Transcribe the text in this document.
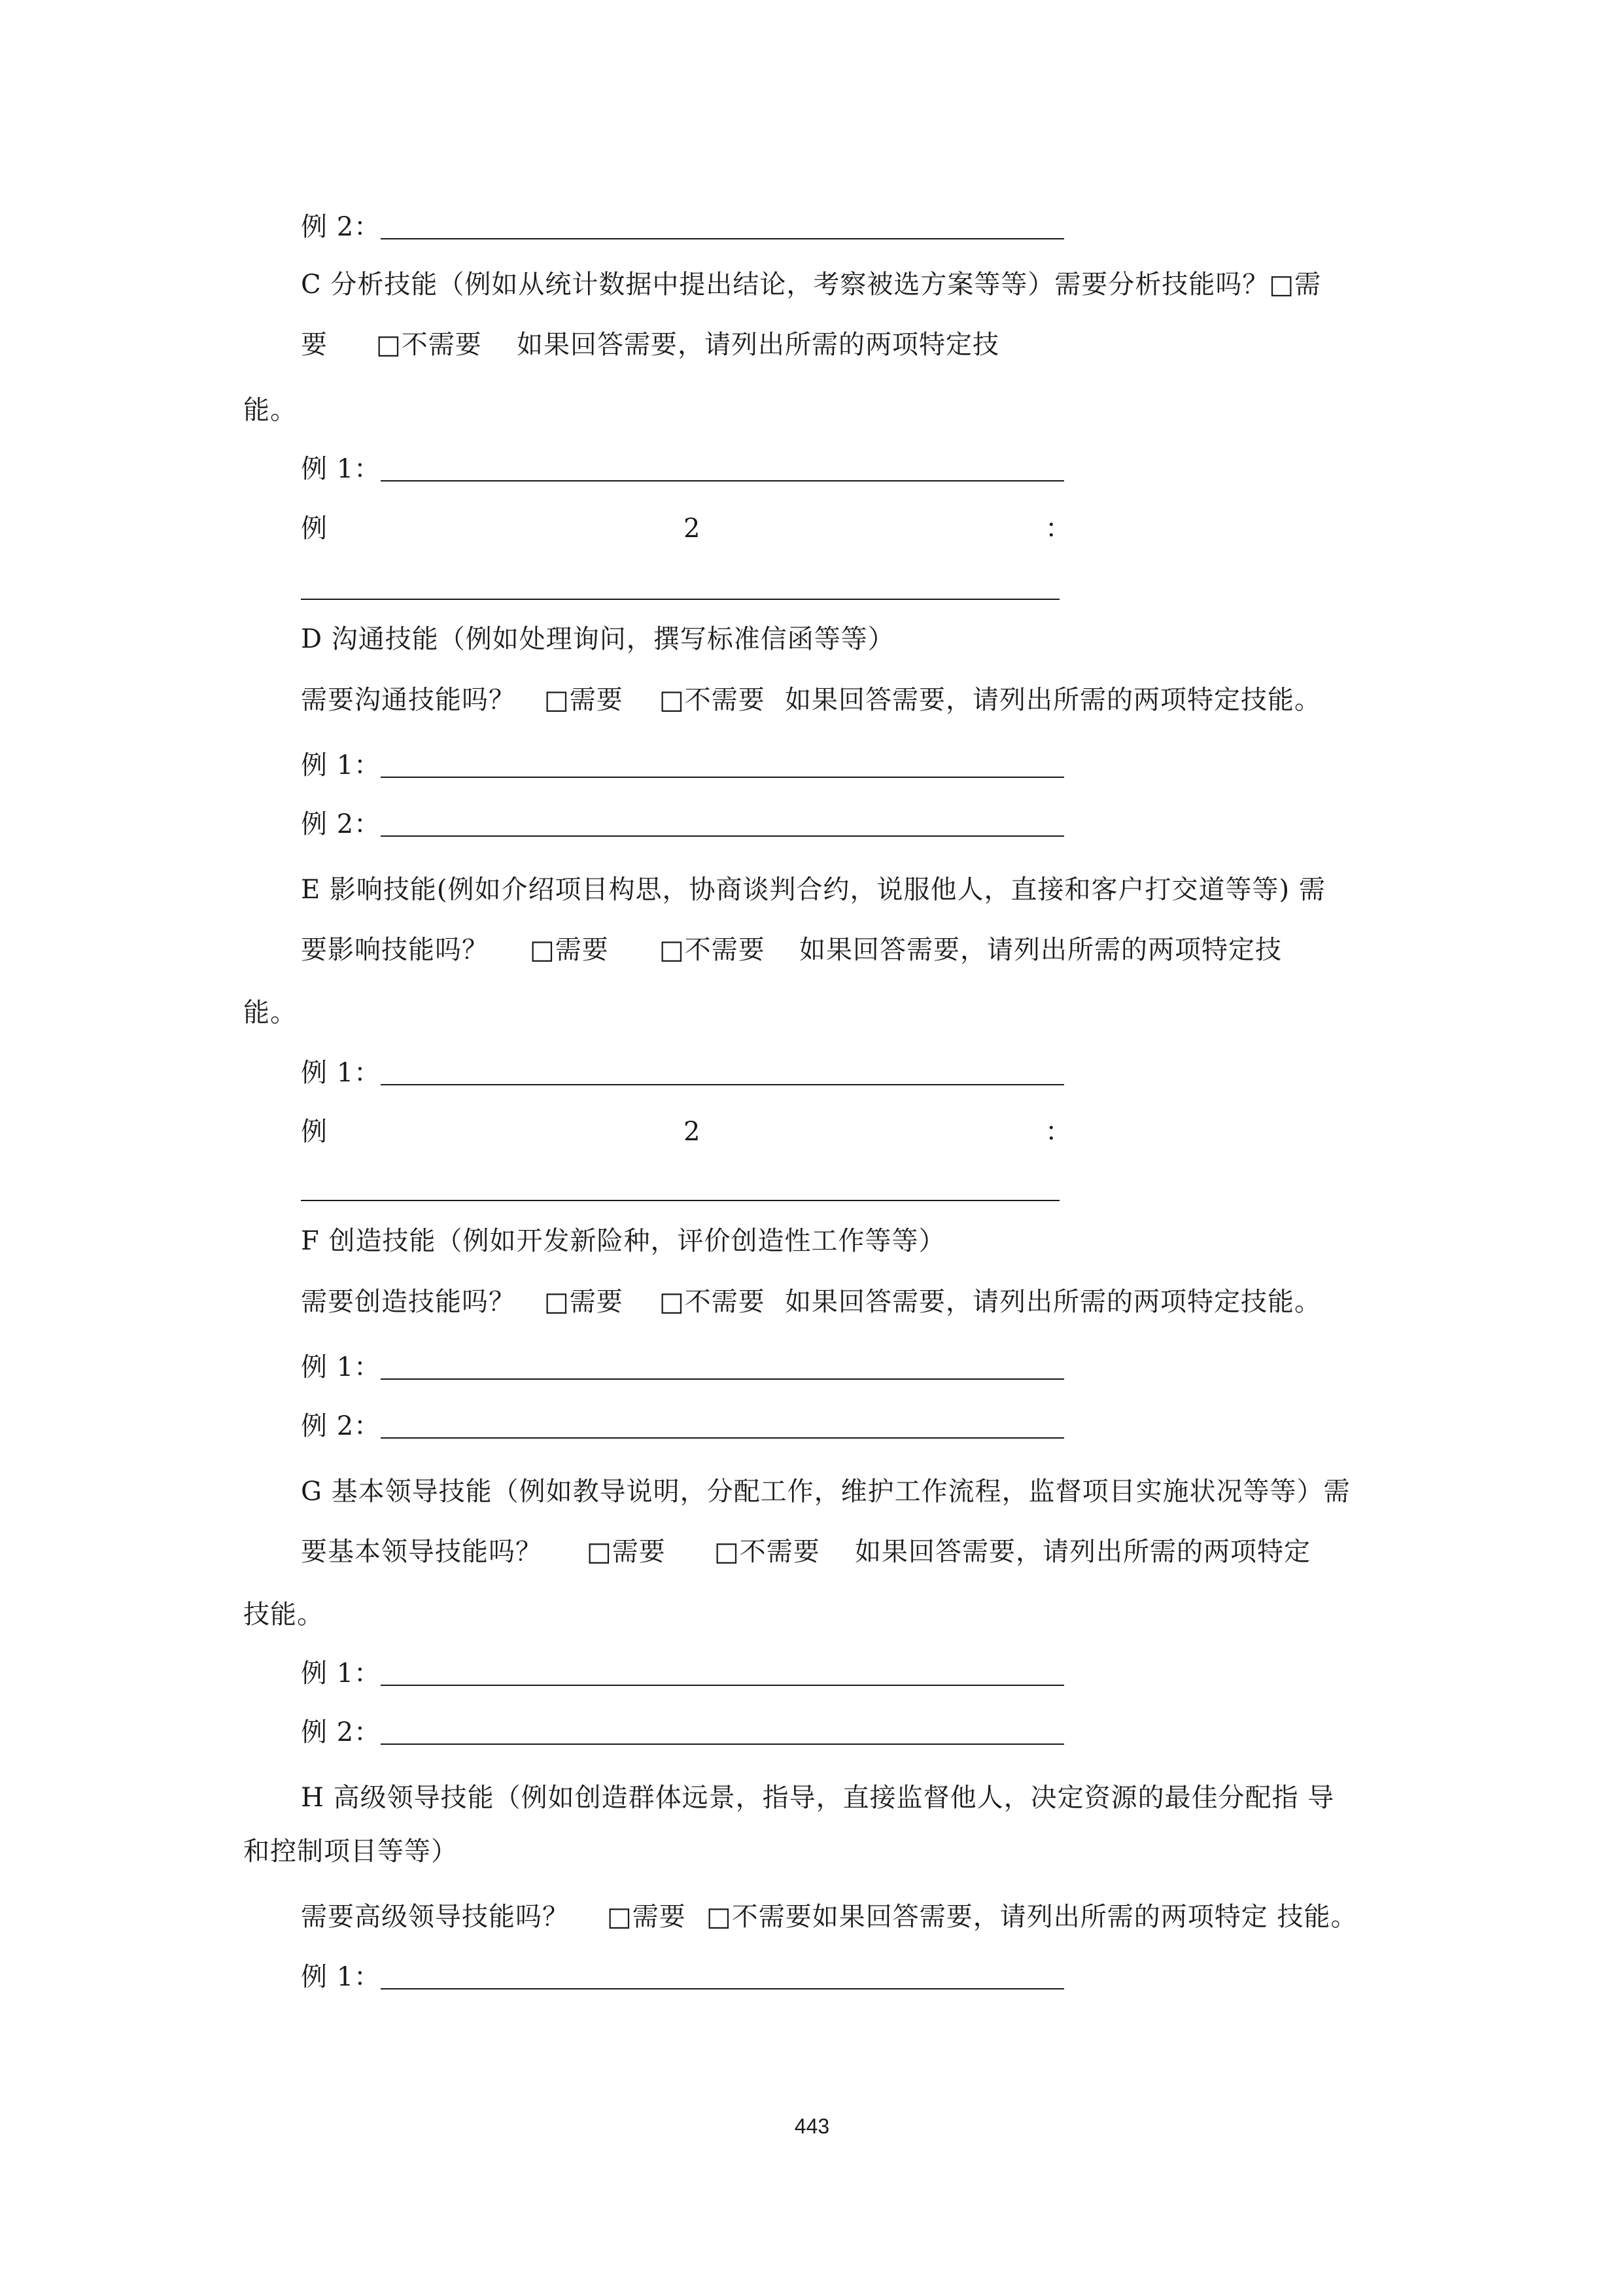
例 2：
C 分析技能（例如从统计数据中提出结论，考察被选方案等等）需要分析技能吗？□需
要 □不需要 如果回答需要，请列出所需的两项特定技
能。
例 1：
例	2	：
D 沟通技能（例如处理询问，撰写标准信函等等）
需要沟通技能吗？ □需要 □不需要 如果回答需要，请列出所需的两项特定技能。
例 1：
例 2：
E 影响技能(例如介绍项目构思，协商谈判合约，说服他人，直接和客户打交道等等) 需
要影响技能吗？ □需要 □不需要 如果回答需要，请列出所需的两项特定技
能。
例 1：
例	2	：
F 创造技能（例如开发新险种，评价创造性工作等等）
需要创造技能吗？ □需要 □不需要 如果回答需要，请列出所需的两项特定技能。
例 1：
例 2：
G 基本领导技能（例如教导说明，分配工作，维护工作流程，监督项目实施状况等等）需
要基本领导技能吗？ □需要 □不需要 如果回答需要，请列出所需的两项特定
技能。
例 1：
例 2：
H 高级领导技能（例如创造群体远景，指导，直接监督他人，决定资源的最佳分配指 导
和控制项目等等）
需要高级领导技能吗？ □需要 □不需要如果回答需要，请列出所需的两项特定 技能。
例 1：
443
